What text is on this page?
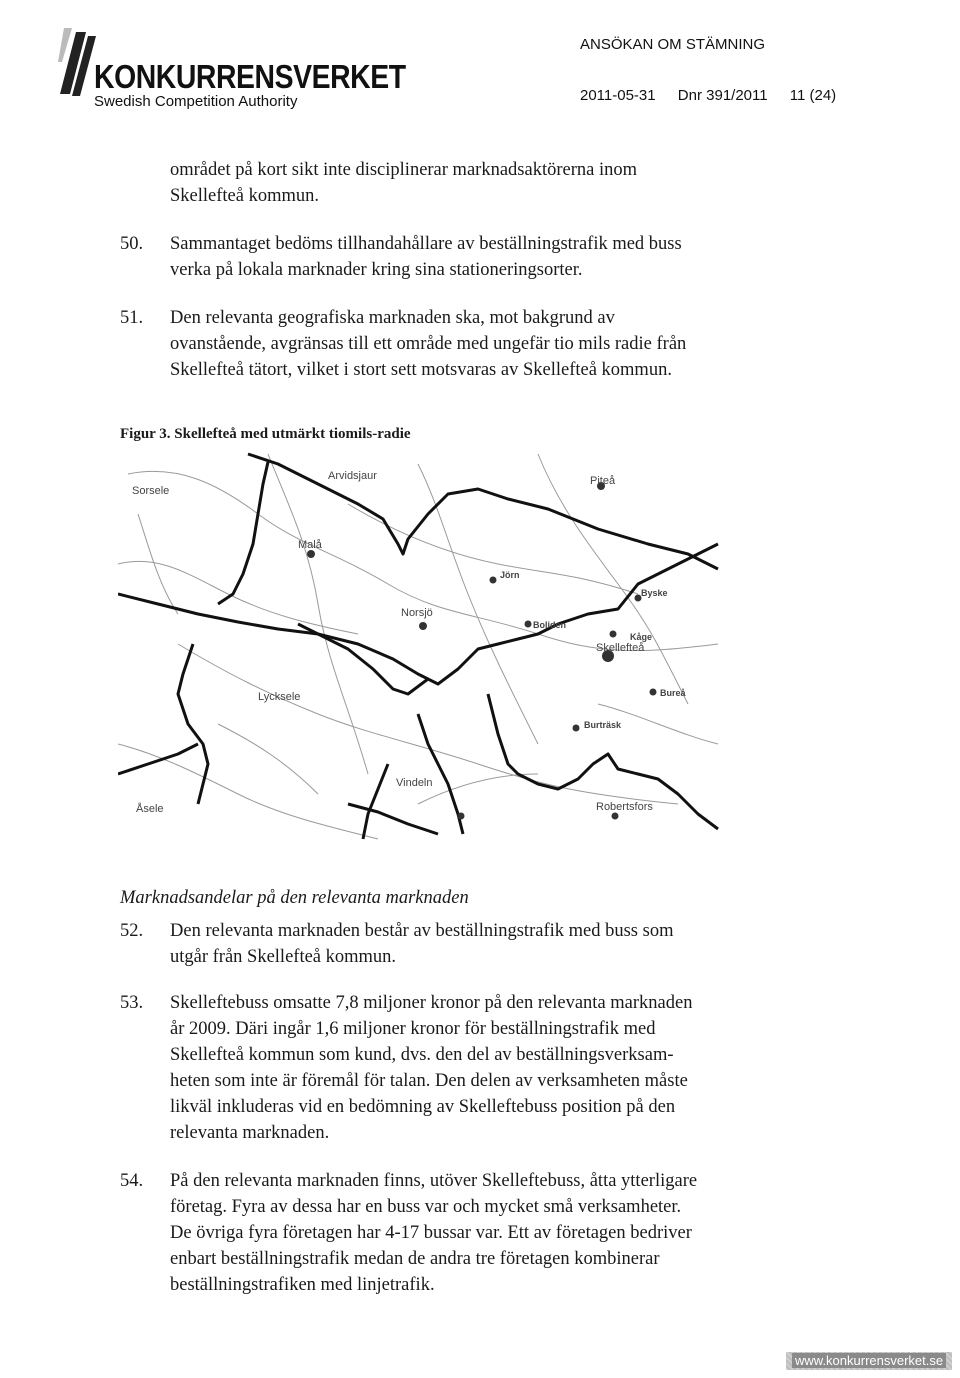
KONKURRENSVERKET
Swedish Competition Authority
ANSÖKAN OM STÄMNING
2011-05-31 Dnr 391/2011 11 (24)
området på kort sikt inte disciplinerar marknadsaktörerna inom
Skellefteå kommun.
50. Sammantaget bedöms tillhandahållare av beställningstrafik med buss
verka på lokala marknader kring sina stationeringsorter.
51. Den relevanta geografiska marknaden ska, mot bakgrund av
ovanstående, avgränsas till ett område med ungefär tio mils radie från
Skellefteå tätort, vilket i stort sett motsvaras av Skellefteå kommun.
Figur 3. Skellefteå med utmärkt tiomils-radie
Arvidsjaur
Sorsele
Piteå
Malå
Jörn
Byske
Norsjö
Boliden
Kåge
Skellefteå
Lycksele	Bureå
Burträsk
Vindeln
Åsele	Robertsfors
Marknadsandelar på den relevanta marknaden
52. Den relevanta marknaden består av beställningstrafik med buss som
utgår från Skellefteå kommun.
53. Skelleftebuss omsatte 7,8 miljoner kronor på den relevanta marknaden
år 2009. Däri ingår 1,6 miljoner kronor för beställningstrafik med
Skellefteå kommun som kund, dvs. den del av beställningsverksam-
heten som inte är föremål för talan. Den delen av verksamheten måste
likväl inkluderas vid en bedömning av Skelleftebuss position på den
relevanta marknaden.
54. På den relevanta marknaden finns, utöver Skelleftebuss, åtta ytterligare
företag. Fyra av dessa har en buss var och mycket små verksamheter.
De övriga fyra företagen har 4-17 bussar var. Ett av företagen bedriver
enbart beställningstrafik medan de andra tre företagen kombinerar
beställningstrafiken med linjetrafik.
www.konkurrensverket.se
